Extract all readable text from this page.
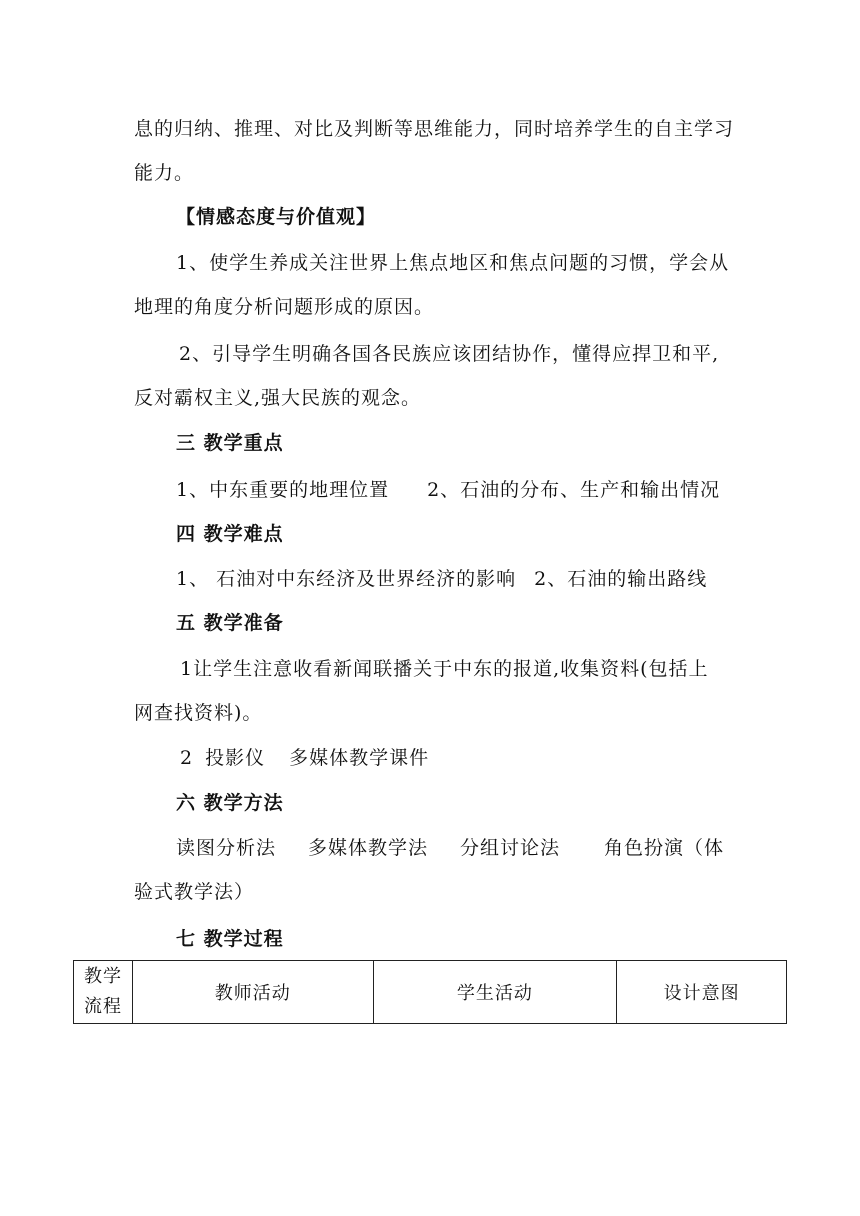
息的归纳、推理、对比及判断等思维能力，同时培养学生的自主学习
能力。
【情感态度与价值观】
1、使学生养成关注世界上焦点地区和焦点问题的习惯，学会从
地理的角度分析问题形成的原因。
2、引导学生明确各国各民族应该团结协作，懂得应捍卫和平,
反对霸权主义,强大民族的观念。
三 教学重点
1、中东重要的地理位置 2、石油的分布、生产和输出情况
四 教学难点
1、 石油对中东经济及世界经济的影响 2、石油的输出路线
五 教学准备
1让学生注意收看新闻联播关于中东的报道,收集资料(包括上
网查找资料)。
2 投影仪 多媒体教学课件
六 教学方法
读图分析法 多媒体教学法 分组讨论法 角色扮演（体
验式教学法）
七 教学过程
教学
流程	教师活动	学生活动	设计意图
